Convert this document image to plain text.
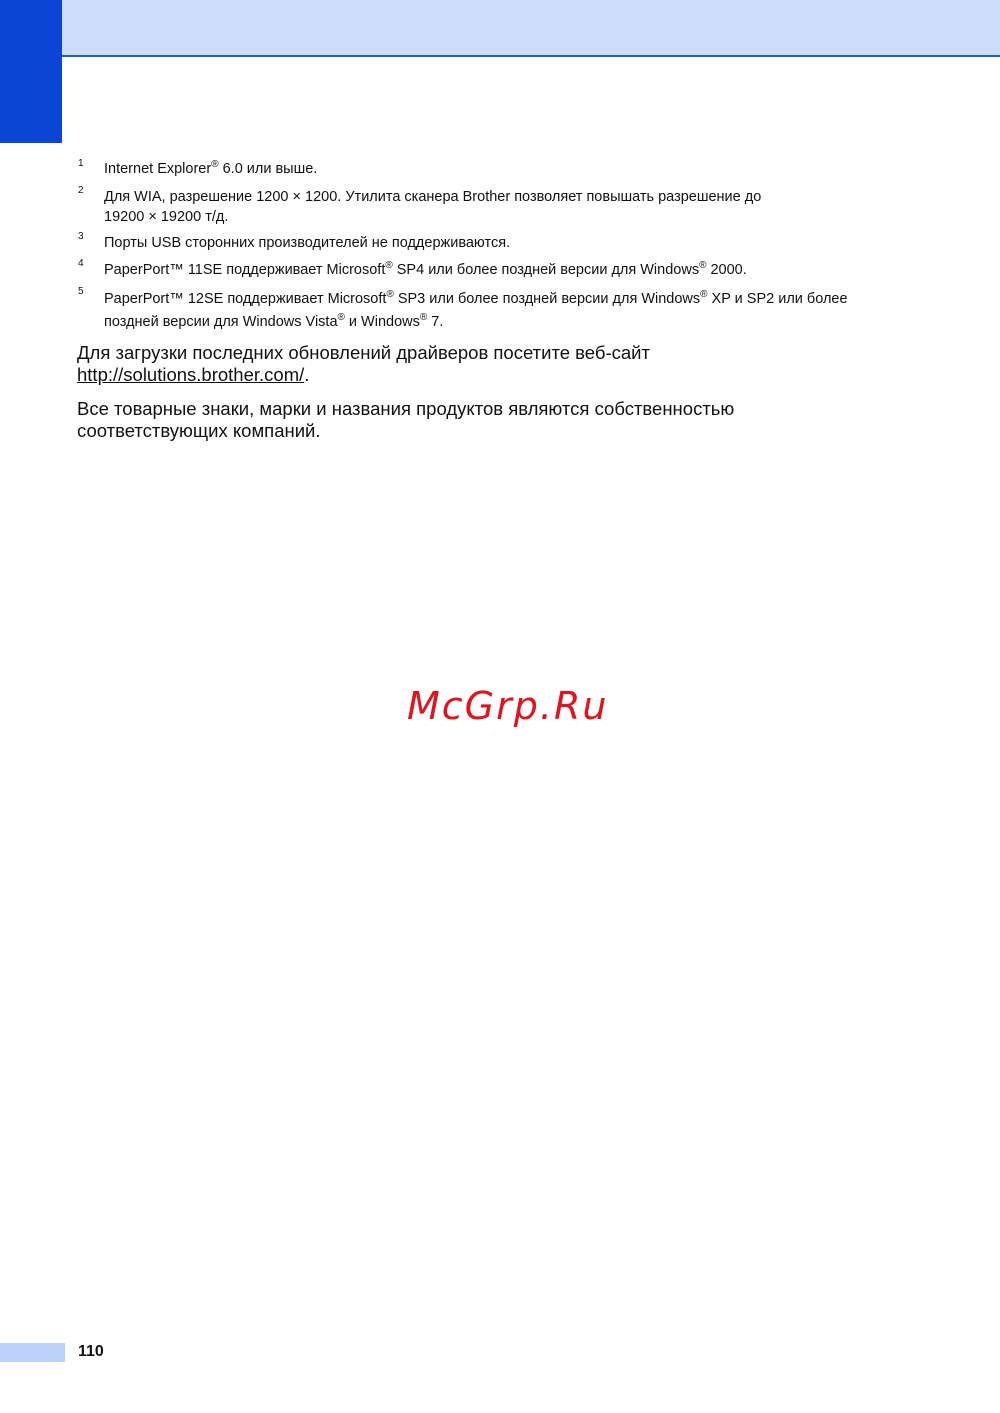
1 Internet Explorer® 6.0 или выше.
2 Для WIA, разрешение 1200 × 1200. Утилита сканера Brother позволяет повышать разрешение до
19200 × 19200 т/д.
3 Порты USB сторонних производителей не поддерживаются.
4 PaperPort™ 11SE поддерживает Microsoft® SP4 или более поздней версии для Windows® 2000.
5 PaperPort™ 12SE поддерживает Microsoft® SP3 или более поздней версии для Windows® XP и SP2 или более
поздней версии для Windows Vista® и Windows® 7.
Для загрузки последних обновлений драйверов посетите веб-сайт
http://solutions.brother.com/.
Все товарные знаки, марки и названия продуктов являются собственностью соответствующих компаний.
McGrp.Ru
110
